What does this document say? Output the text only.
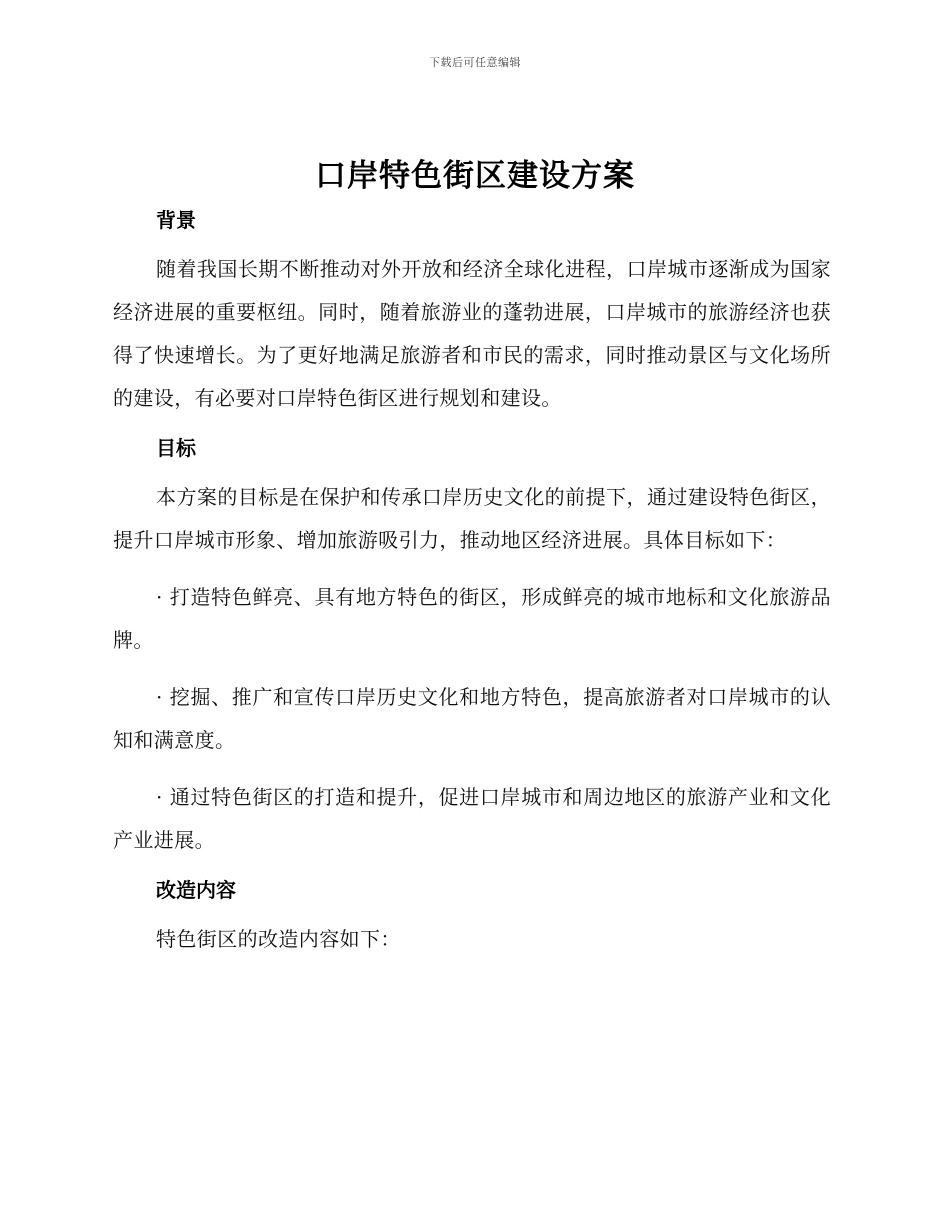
下载后可任意编辑
口岸特色街区建设方案
背景

随着我国长期不断推动对外开放和经济全球化进程，口岸城市逐渐成为国家经济进展的重要枢纽。同时，随着旅游业的蓬勃进展，口岸城市的旅游经济也获得了快速增长。为了更好地满足旅游者和市民的需求，同时推动景区与文化场所的建设，有必要对口岸特色街区进行规划和建设。

目标

本方案的目标是在保护和传承口岸历史文化的前提下，通过建设特色街区，提升口岸城市形象、增加旅游吸引力，推动地区经济进展。具体目标如下：

· 打造特色鲜亮、具有地方特色的街区，形成鲜亮的城市地标和文化旅游品牌。

· 挖掘、推广和宣传口岸历史文化和地方特色，提高旅游者对口岸城市的认知和满意度。

· 通过特色街区的打造和提升，促进口岸城市和周边地区的旅游产业和文化产业进展。

改造内容

特色街区的改造内容如下：
